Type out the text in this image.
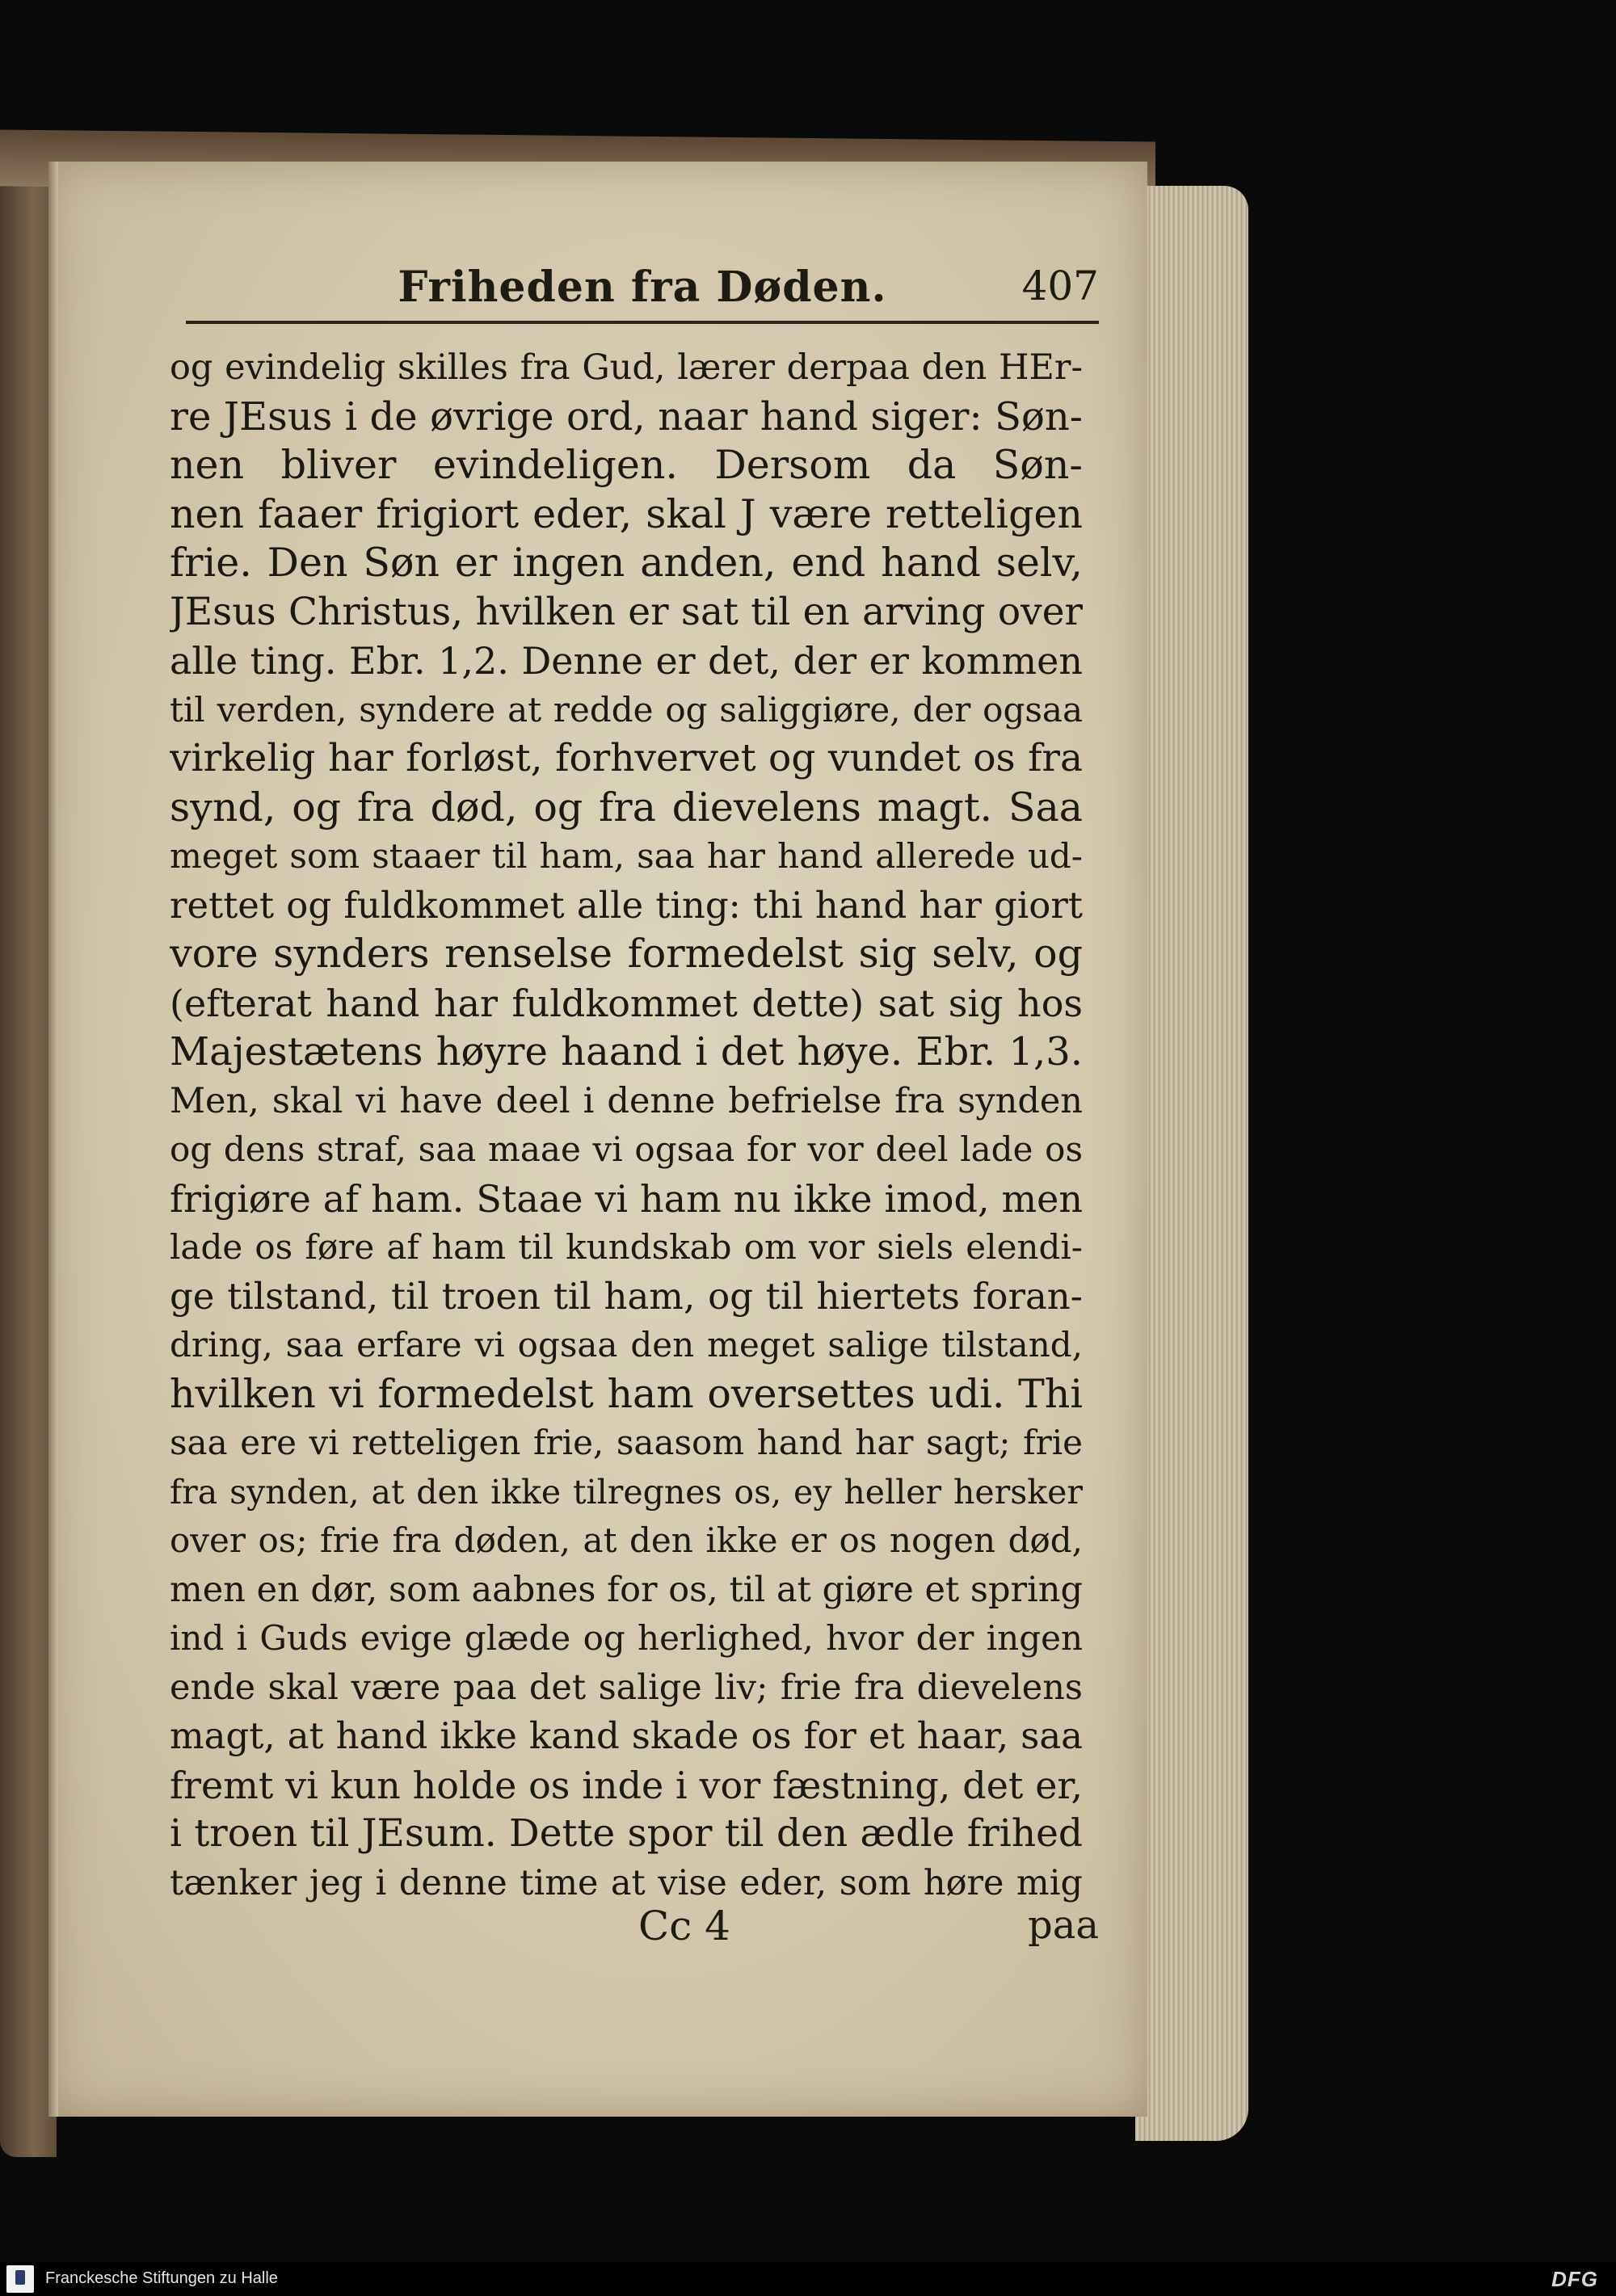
Friheden fra Døden.	407
og evindelig skilles fra Gud, lærer derpaa den HEr-
re JEsus i de øvrige ord, naar hand siger: Søn-
nen bliver evindeligen. Dersom da Søn-
nen faaer frigiort eder, skal J være retteligen
frie. Den Søn er ingen anden, end hand selv,
JEsus Christus, hvilken er sat til en arving over
alle ting. Ebr. 1,2. Denne er det, der er kommen
til verden, syndere at redde og saliggiøre, der ogsaa
virkelig har forløst, forhvervet og vundet os fra
synd, og fra død, og fra dievelens magt. Saa
meget som staaer til ham, saa har hand allerede ud-
rettet og fuldkommet alle ting: thi hand har giort
vore synders renselse formedelst sig selv, og
(efterat hand har fuldkommet dette) sat sig hos
Majestætens høyre haand i det høye. Ebr. 1,3.
Men, skal vi have deel i denne befrielse fra synden
og dens straf, saa maae vi ogsaa for vor deel lade os
frigiøre af ham. Staae vi ham nu ikke imod, men
lade os føre af ham til kundskab om vor siels elendi-
ge tilstand, til troen til ham, og til hiertets foran-
dring, saa erfare vi ogsaa den meget salige tilstand,
hvilken vi formedelst ham oversettes udi. Thi
saa ere vi retteligen frie, saasom hand har sagt; frie
fra synden, at den ikke tilregnes os, ey heller hersker
over os; frie fra døden, at den ikke er os nogen død,
men en dør, som aabnes for os, til at giøre et spring
ind i Guds evige glæde og herlighed, hvor der ingen
ende skal være paa det salige liv; frie fra dievelens
magt, at hand ikke kand skade os for et haar, saa
fremt vi kun holde os inde i vor fæstning, det er,
i troen til JEsum. Dette spor til den ædle frihed
tænker jeg i denne time at vise eder, som høre mig
Cc 4	paa
Franckesche Stiftungen zu Halle	DFG
